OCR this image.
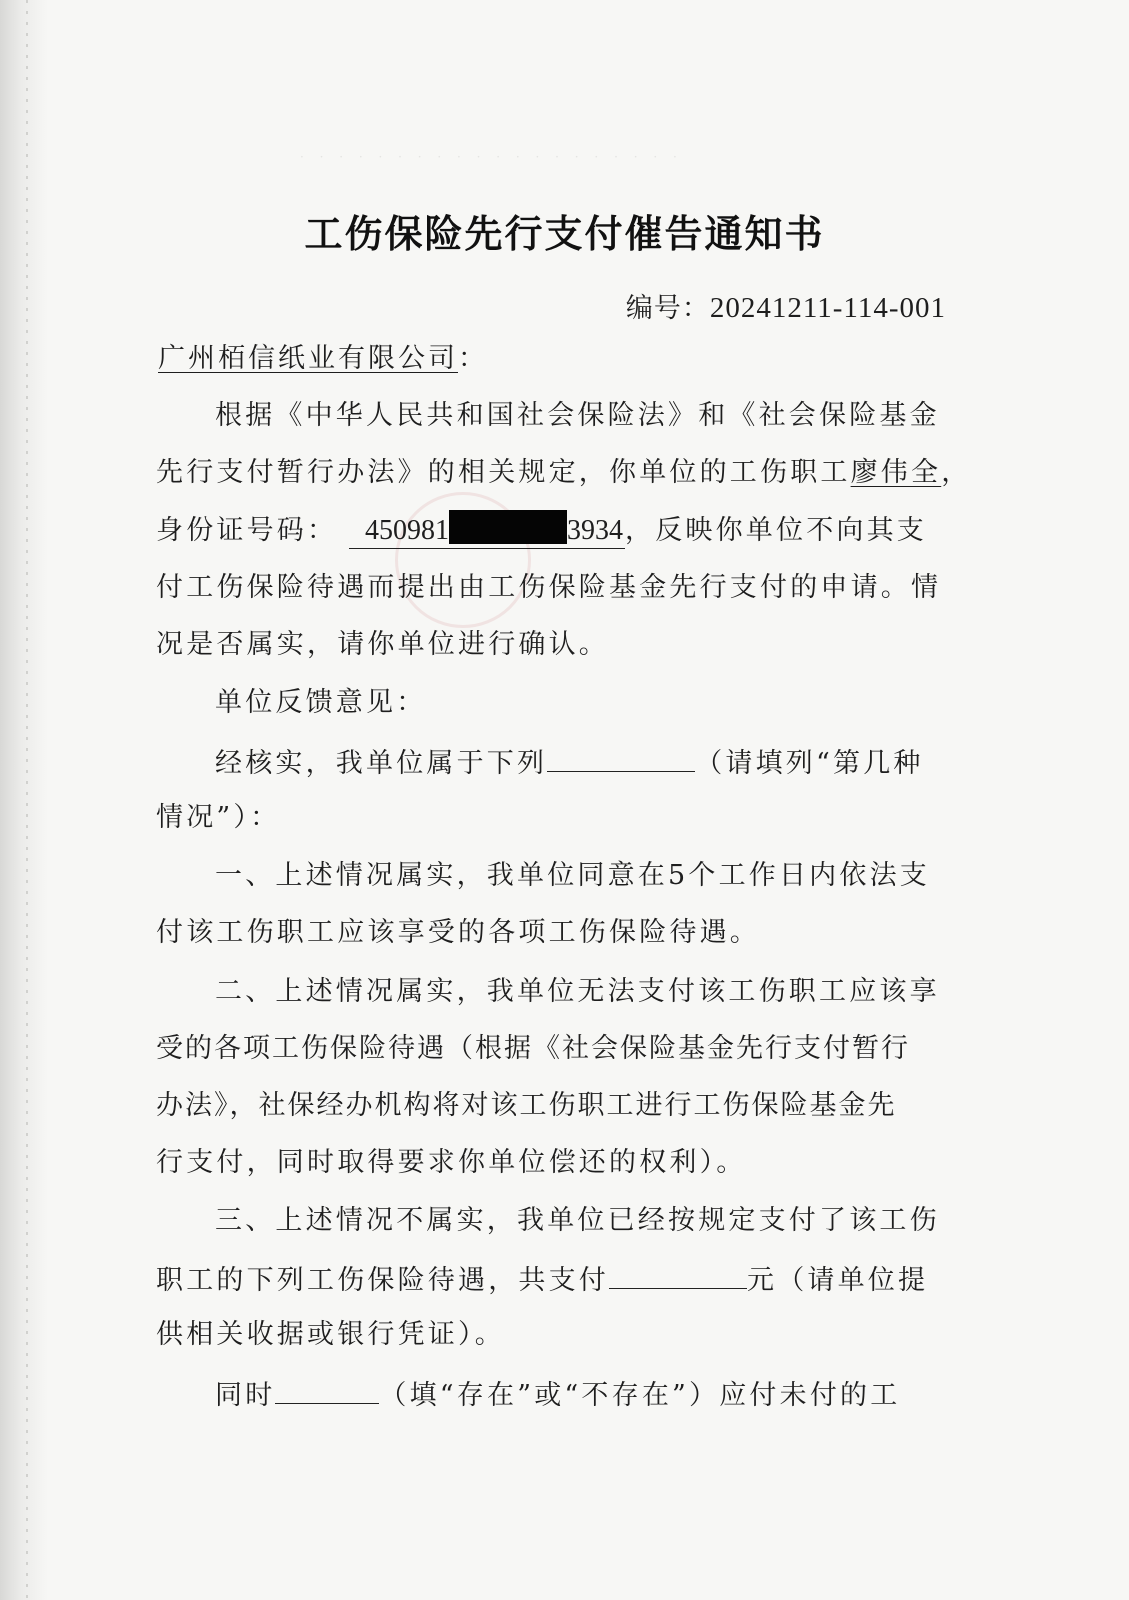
· · · · · · · · · · · · · · · · · · · ·
工伤保险先行支付催告通知书
编号：20241211-114-001
广州栢信纸业有限公司：
根据《中华人民共和国社会保险法》和《社会保险基金
先行支付暂行办法》的相关规定，你单位的工伤职工廖伟全，
身份证号码： 450981	3934，反映你单位不向其支
付工伤保险待遇而提出由工伤保险基金先行支付的申请。情
况是否属实，请你单位进行确认。
单位反馈意见：
经核实，我单位属于下列	（请填列“第几种
情况”）：
一、上述情况属实，我单位同意在5个工作日内依法支
付该工伤职工应该享受的各项工伤保险待遇。
二、上述情况属实，我单位无法支付该工伤职工应该享
受的各项工伤保险待遇（根据《社会保险基金先行支付暂行
办法》，社保经办机构将对该工伤职工进行工伤保险基金先
行支付，同时取得要求你单位偿还的权利）。
三、上述情况不属实，我单位已经按规定支付了该工伤
职工的下列工伤保险待遇，共支付	元（请单位提
供相关收据或银行凭证）。
同时	（填“存在”或“不存在”）应付未付的工
